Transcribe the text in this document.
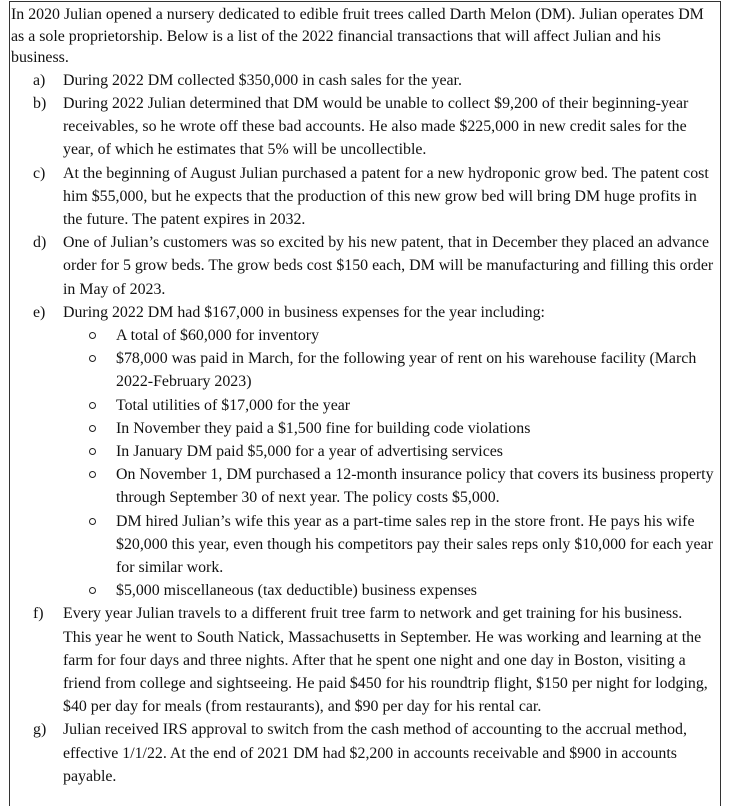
In 2020 Julian opened a nursery dedicated to edible fruit trees called Darth Melon (DM). Julian operates DM as a sole proprietorship. Below is a list of the 2022 financial transactions that will affect Julian and his business.

a) During 2022 DM collected $350,000 in cash sales for the year.
b) During 2022 Julian determined that DM would be unable to collect $9,200 of their beginning-year receivables, so he wrote off these bad accounts. He also made $225,000 in new credit sales for the year, of which he estimates that 5% will be uncollectible.
c) At the beginning of August Julian purchased a patent for a new hydroponic grow bed. The patent cost him $55,000, but he expects that the production of this new grow bed will bring DM huge profits in the future. The patent expires in 2032.
d) One of Julian’s customers was so excited by his new patent, that in December they placed an advance order for 5 grow beds. The grow beds cost $150 each, DM will be manufacturing and filling this order in May of 2023.
e) During 2022 DM had $167,000 in business expenses for the year including:
A total of $60,000 for inventory
$78,000 was paid in March, for the following year of rent on his warehouse facility (March 2022-February 2023)
Total utilities of $17,000 for the year
In November they paid a $1,500 fine for building code violations
In January DM paid $5,000 for a year of advertising services
On November 1, DM purchased a 12-month insurance policy that covers its business property through September 30 of next year. The policy costs $5,000.
DM hired Julian’s wife this year as a part-time sales rep in the store front. He pays his wife $20,000 this year, even though his competitors pay their sales reps only $10,000 for each year for similar work.
$5,000 miscellaneous (tax deductible) business expenses
f) Every year Julian travels to a different fruit tree farm to network and get training for his business. This year he went to South Natick, Massachusetts in September. He was working and learning at the farm for four days and three nights. After that he spent one night and one day in Boston, visiting a friend from college and sightseeing. He paid $450 for his roundtrip flight, $150 per night for lodging, $40 per day for meals (from restaurants), and $90 per day for his rental car.
g) Julian received IRS approval to switch from the cash method of accounting to the accrual method, effective 1/1/22. At the end of 2021 DM had $2,200 in accounts receivable and $900 in accounts payable.
